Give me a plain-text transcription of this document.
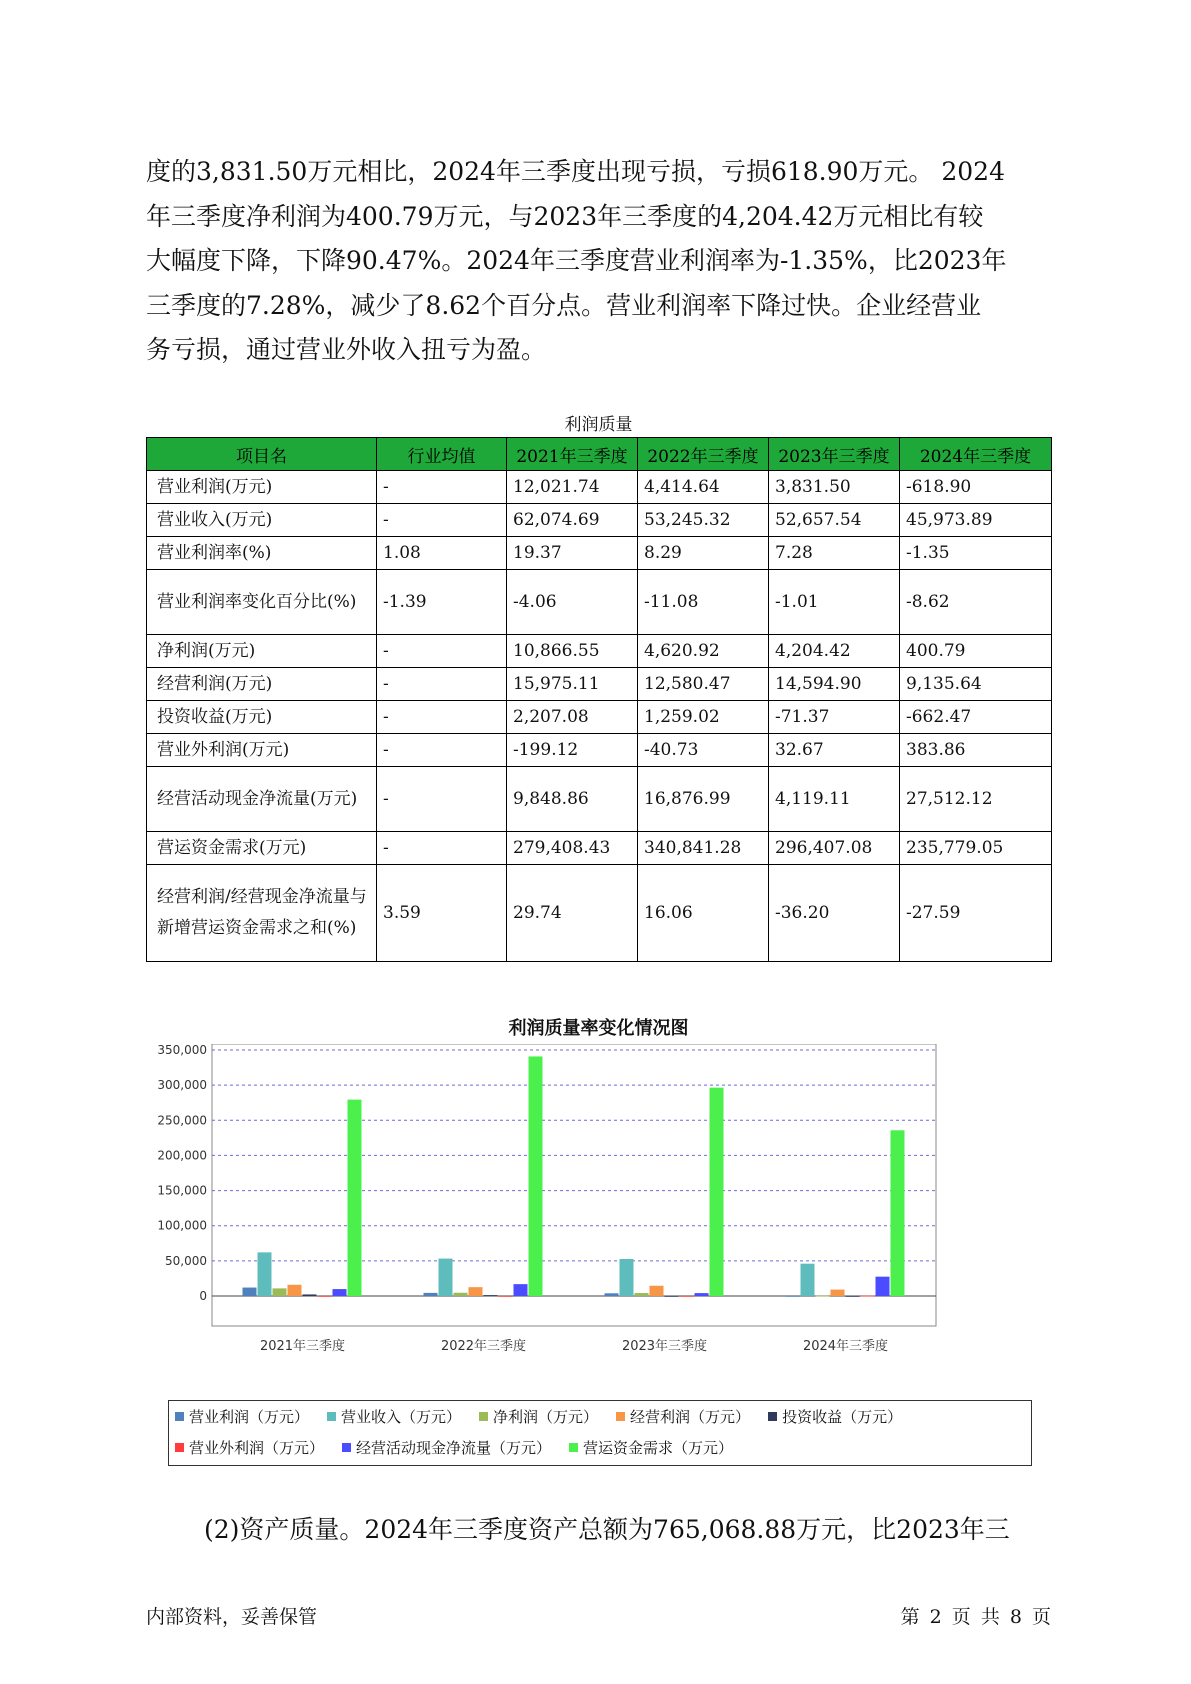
度的3,831.50万元相比，2024年三季度出现亏损，亏损618.90万元。 2024
年三季度净利润为400.79万元，与2023年三季度的4,204.42万元相比有较
大幅度下降，下降90.47%。2024年三季度营业利润率为-1.35%，比2023年
三季度的7.28%，减少了8.62个百分点。营业利润率下降过快。企业经营业
务亏损，通过营业外收入扭亏为盈。
利润质量
项目名	行业均值	2021年三季度	2022年三季度	2023年三季度	2024年三季度
营业利润(万元)	-	12,021.74	4,414.64	3,831.50	-618.90
营业收入(万元)	-	62,074.69	53,245.32	52,657.54	45,973.89
营业利润率(%)	1.08	19.37	8.29	7.28	-1.35
营业利润率变化百分比(%)	-1.39	-4.06	-11.08	-1.01	-8.62
净利润(万元)	-	10,866.55	4,620.92	4,204.42	400.79
经营利润(万元)	-	15,975.11	12,580.47	14,594.90	9,135.64
投资收益(万元)	-	2,207.08	1,259.02	-71.37	-662.47
营业外利润(万元)	-	-199.12	-40.73	32.67	383.86
经营活动现金净流量(万元)	-	9,848.86	16,876.99	4,119.11	27,512.12
营运资金需求(万元)	-	279,408.43	340,841.28	296,407.08	235,779.05
经营利润/经营现金净流量与新增营运资金需求之和(%)	3.59	29.74	16.06	-36.20	-27.59
利润质量率变化情况图
0
50,000
100,000
150,000
200,000
250,000
300,000
350,000
2021年三季度	2022年三季度	2023年三季度	2024年三季度
营业利润（万元） 营业收入（万元） 净利润（万元） 经营利润（万元） 投资收益（万元）
营业外利润（万元） 经营活动现金净流量（万元） 营运资金需求（万元）

(2)资产质量。2024年三季度资产总额为765,068.88万元，比2023年三

内部资料，妥善保管	第 2 页 共 8 页
